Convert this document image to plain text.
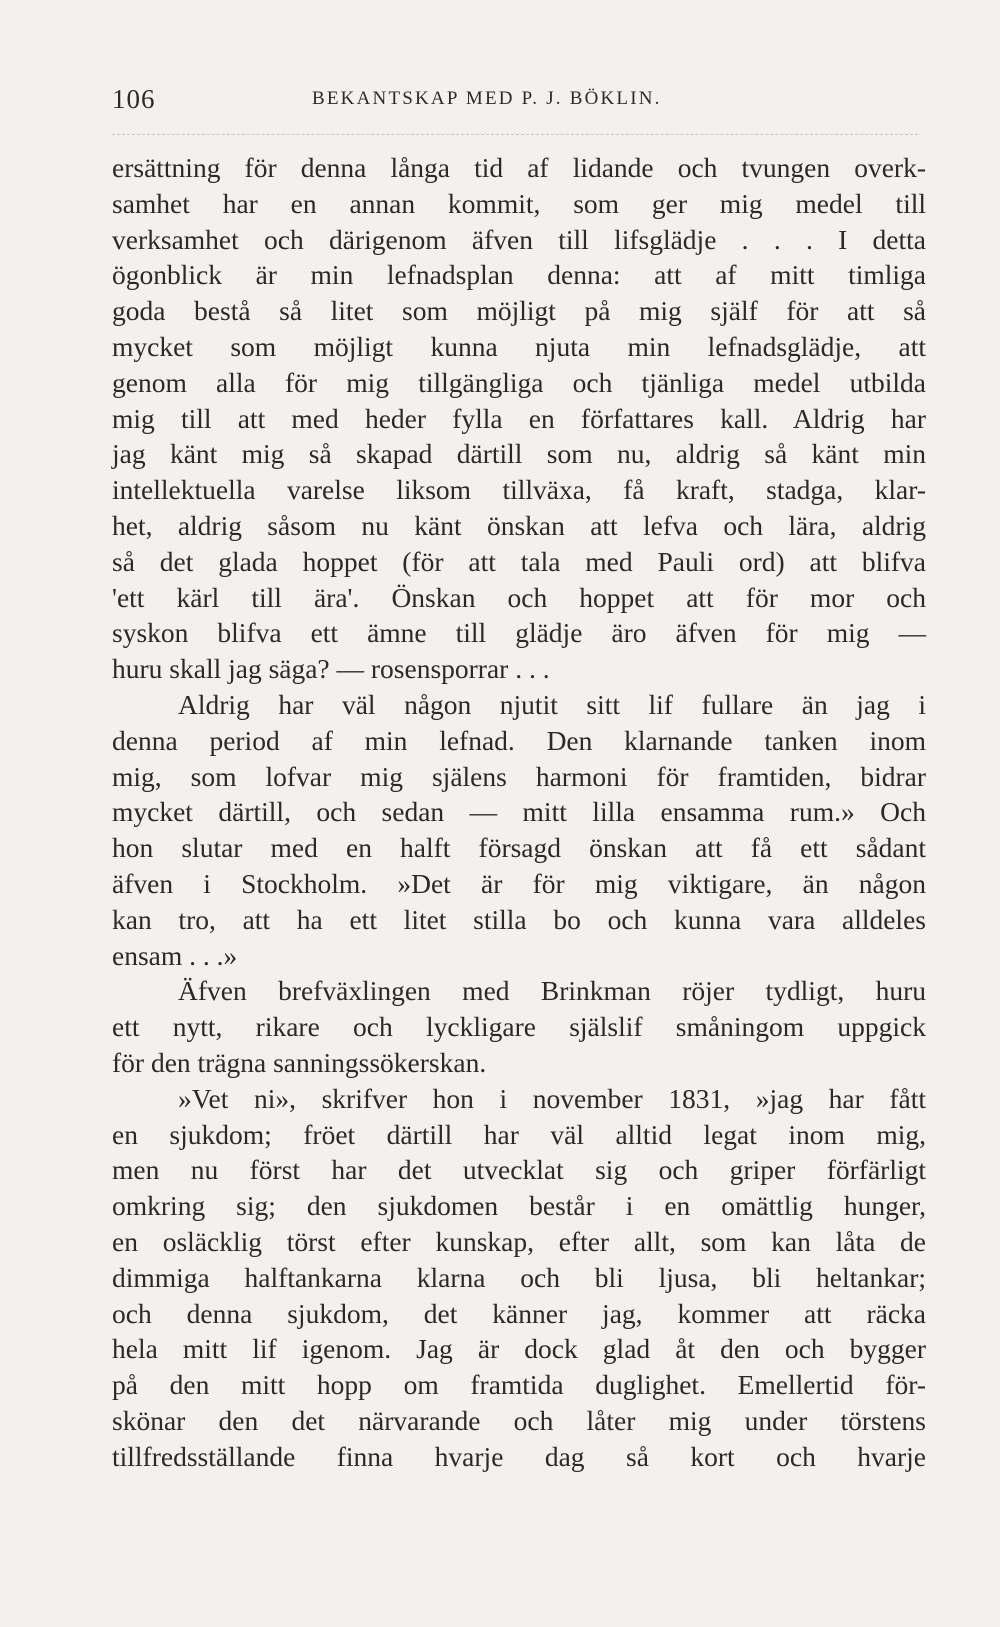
106	BEKANTSKAP MED P. J. BÖKLIN.
ersättning för denna långa tid af lidande och tvungen overk-
samhet har en annan kommit, som ger mig medel till
verksamhet och därigenom äfven till lifsglädje . . . I detta
ögonblick är min lefnadsplan denna: att af mitt timliga
goda bestå så litet som möjligt på mig själf för att så
mycket som möjligt kunna njuta min lefnadsglädje, att
genom alla för mig tillgängliga och tjänliga medel utbilda
mig till att med heder fylla en författares kall. Aldrig har
jag känt mig så skapad därtill som nu, aldrig så känt min
intellektuella varelse liksom tillväxa, få kraft, stadga, klar-
het, aldrig såsom nu känt önskan att lefva och lära, aldrig
så det glada hoppet (för att tala med Pauli ord) att blifva
'ett kärl till ära'. Önskan och hoppet att för mor och
syskon blifva ett ämne till glädje äro äfven för mig —
huru skall jag säga? — rosensporrar . . .
Aldrig har väl någon njutit sitt lif fullare än jag i
denna period af min lefnad. Den klarnande tanken inom
mig, som lofvar mig själens harmoni för framtiden, bidrar
mycket därtill, och sedan — mitt lilla ensamma rum.» Och
hon slutar med en halft försagd önskan att få ett sådant
äfven i Stockholm. »Det är för mig viktigare, än någon
kan tro, att ha ett litet stilla bo och kunna vara alldeles
ensam . . .»
Äfven brefväxlingen med Brinkman röjer tydligt, huru
ett nytt, rikare och lyckligare själslif småningom uppgick
för den trägna sanningssökerskan.
»Vet ni», skrifver hon i november 1831, »jag har fått
en sjukdom; fröet därtill har väl alltid legat inom mig,
men nu först har det utvecklat sig och griper förfärligt
omkring sig; den sjukdomen består i en omättlig hunger,
en osläcklig törst efter kunskap, efter allt, som kan låta de
dimmiga halftankarna klarna och bli ljusa, bli heltankar;
och denna sjukdom, det känner jag, kommer att räcka
hela mitt lif igenom. Jag är dock glad åt den och bygger
på den mitt hopp om framtida duglighet. Emellertid för-
skönar den det närvarande och låter mig under törstens
tillfredsställande finna hvarje dag så kort och hvarje
